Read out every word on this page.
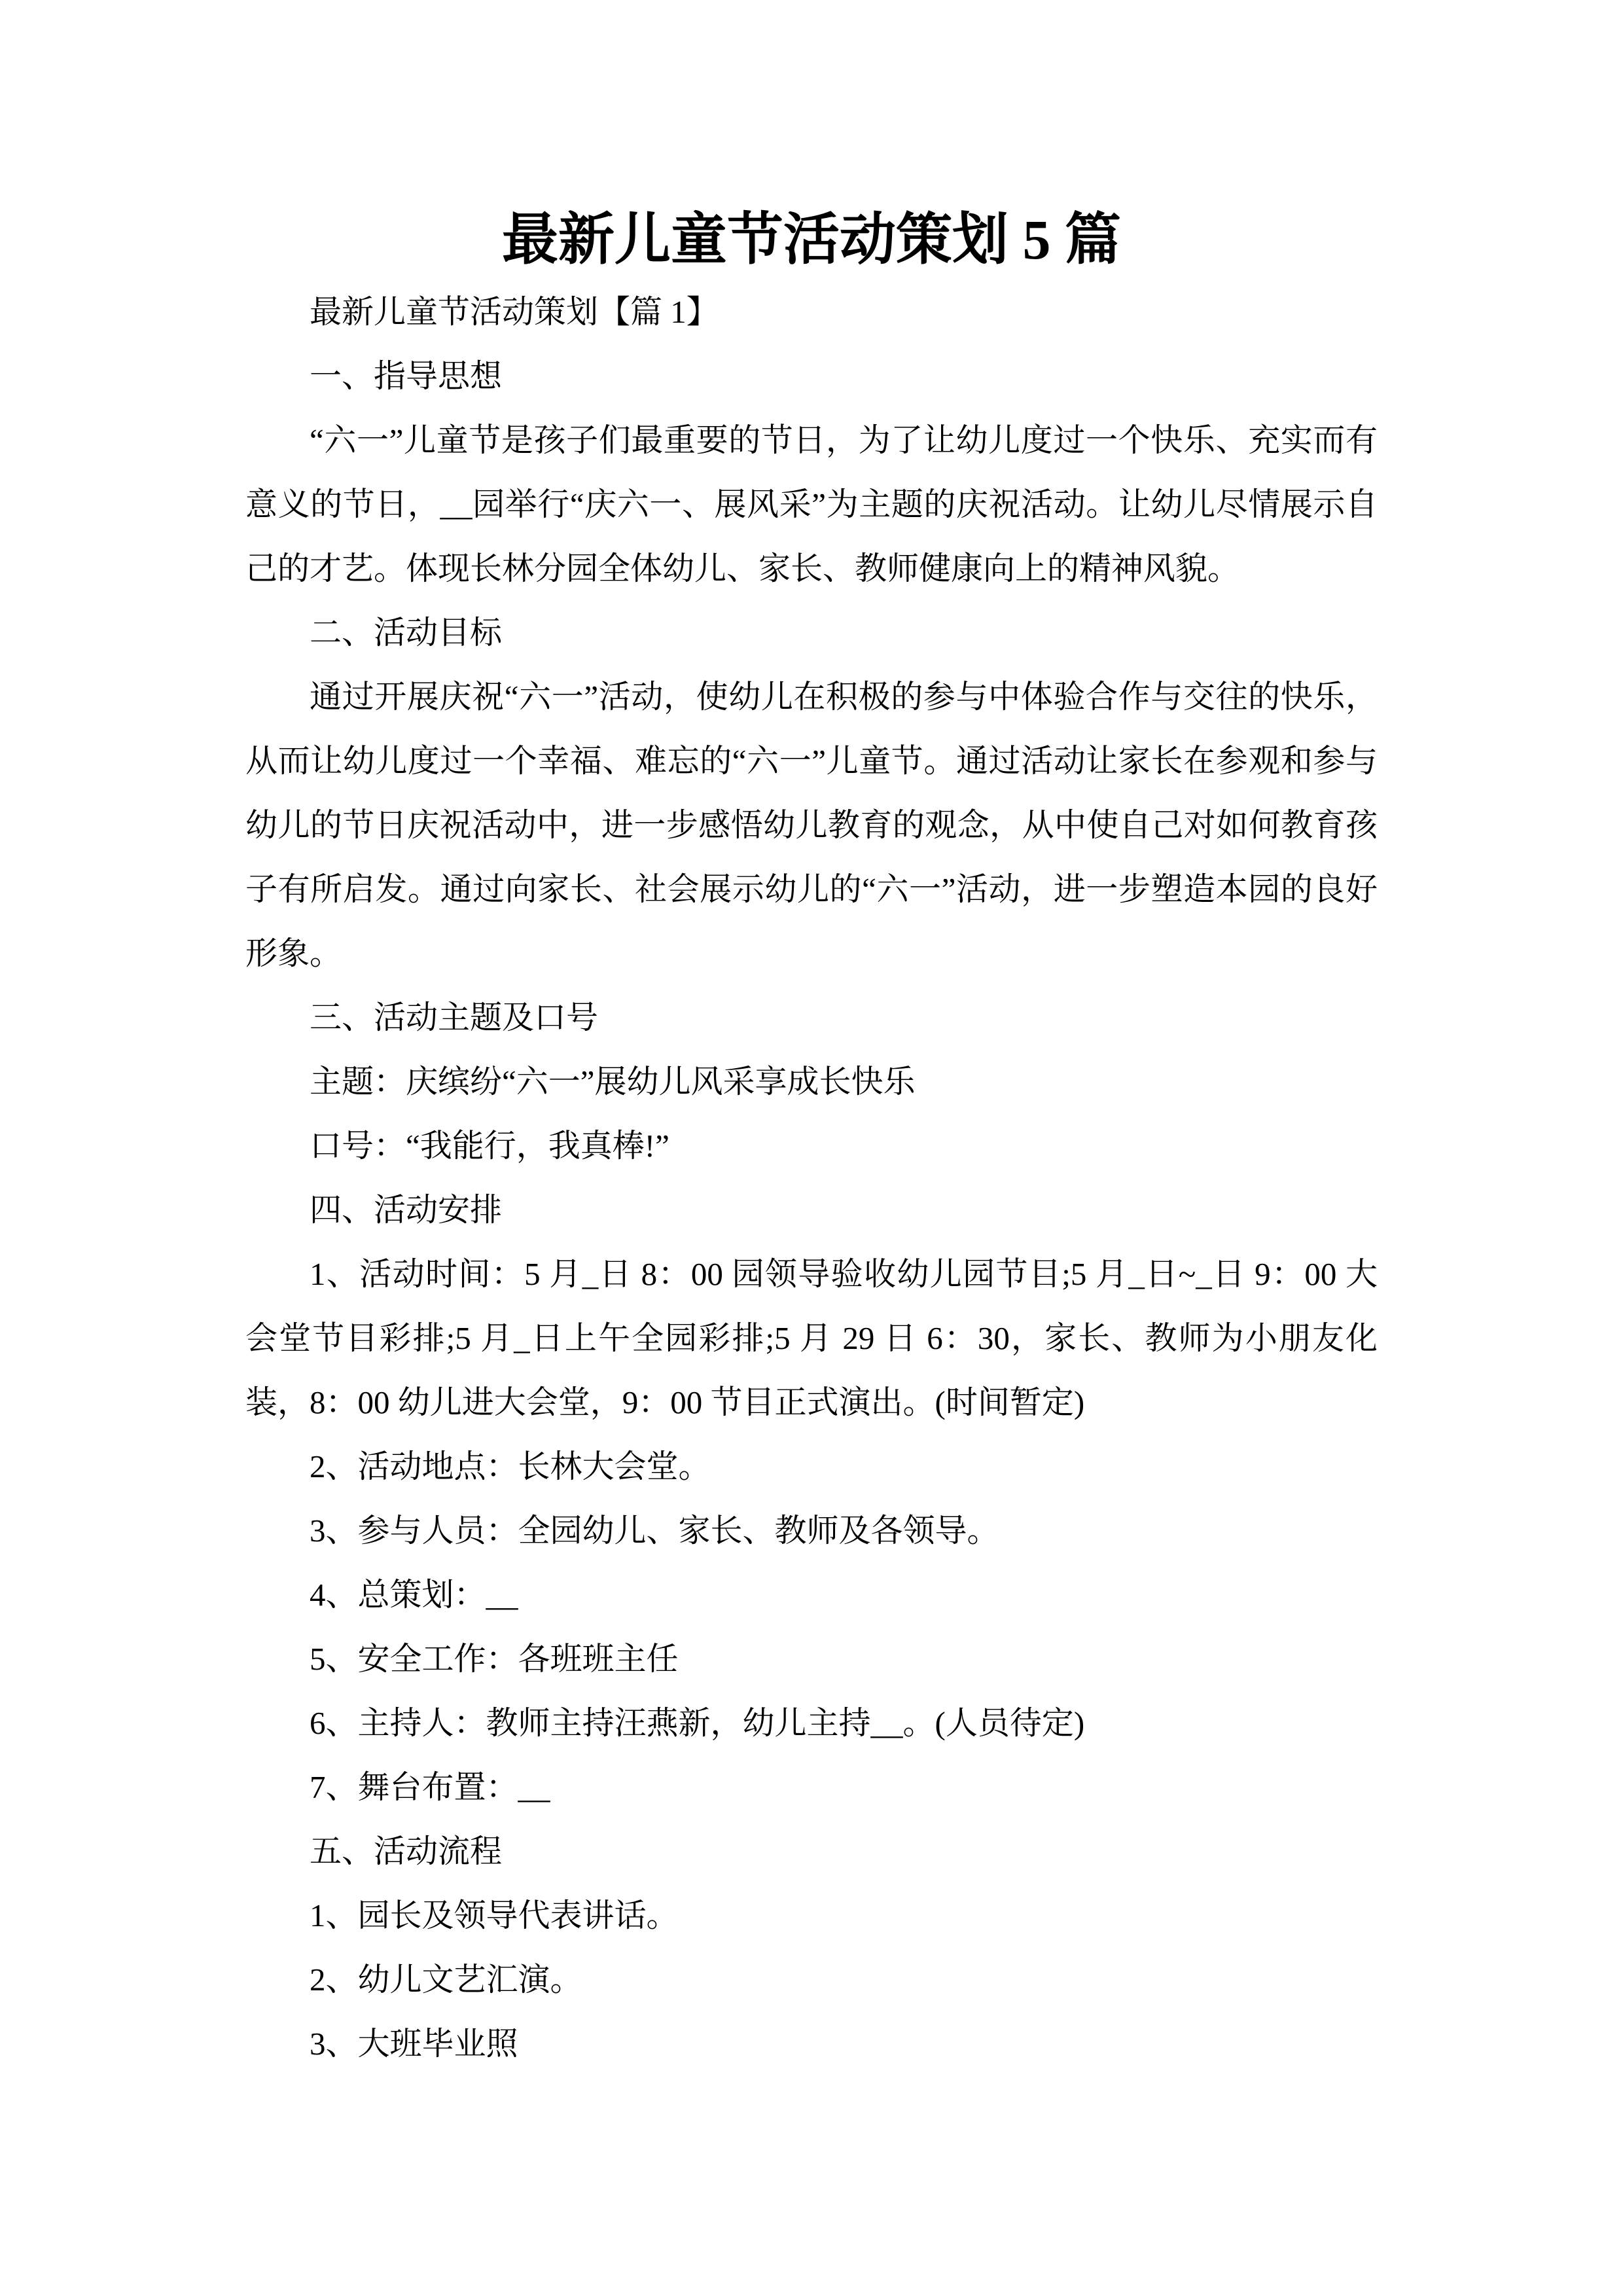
最新儿童节活动策划 5 篇

最新儿童节活动策划【篇 1】

一、指导思想

“六一”儿童节是孩子们最重要的节日，为了让幼儿度过一个快乐、充实而有意义的节日，__园举行“庆六一、展风采”为主题的庆祝活动。让幼儿尽情展示自己的才艺。体现长林分园全体幼儿、家长、教师健康向上的精神风貌。

二、活动目标

通过开展庆祝“六一”活动，使幼儿在积极的参与中体验合作与交往的快乐，从而让幼儿度过一个幸福、难忘的“六一”儿童节。通过活动让家长在参观和参与幼儿的节日庆祝活动中，进一步感悟幼儿教育的观念，从中使自己对如何教育孩子有所启发。通过向家长、社会展示幼儿的“六一”活动，进一步塑造本园的良好形象。

三、活动主题及口号

主题：庆缤纷“六一”展幼儿风采享成长快乐

口号：“我能行，我真棒!”

四、活动安排

1、活动时间：5 月_日 8：00 园领导验收幼儿园节目;5 月_日~_日 9：00 大会堂节目彩排;5 月_日上午全园彩排;5 月 29 日 6：30，家长、教师为小朋友化装，8：00 幼儿进大会堂，9：00 节目正式演出。(时间暂定)

2、活动地点：长林大会堂。

3、参与人员：全园幼儿、家长、教师及各领导。

4、总策划：__

5、安全工作：各班班主任

6、主持人：教师主持汪燕新，幼儿主持__。(人员待定)

7、舞台布置：__

五、活动流程

1、园长及领导代表讲话。

2、幼儿文艺汇演。

3、大班毕业照
